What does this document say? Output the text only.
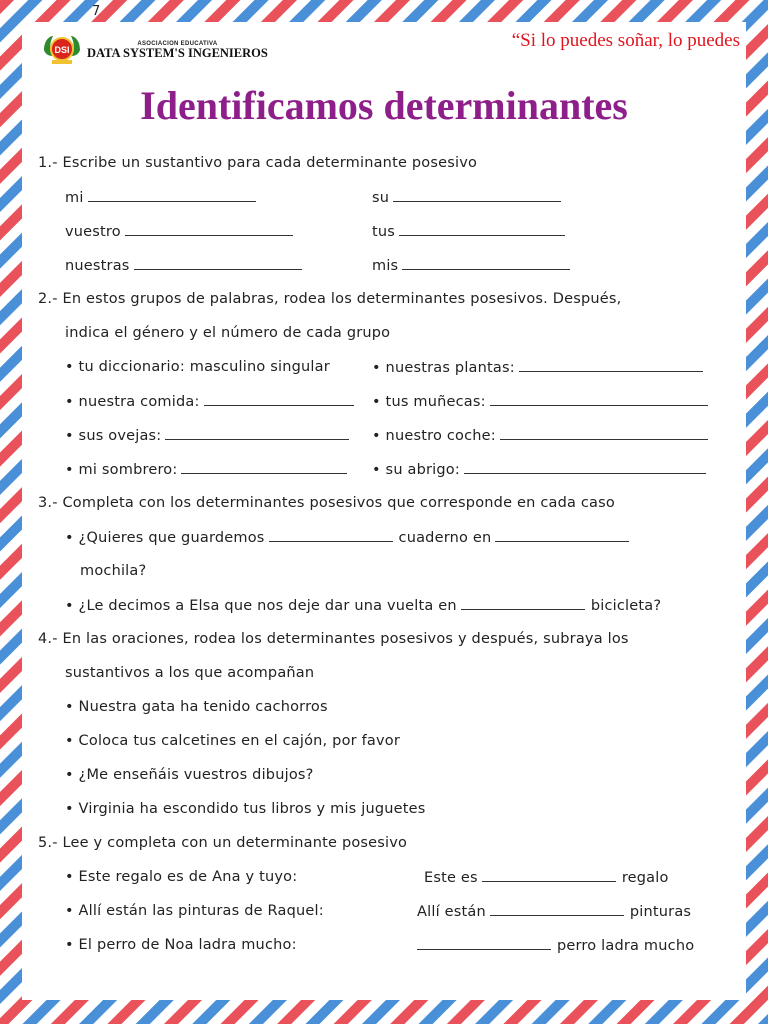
7
DSI
ASOCIACION EDUCATIVA
DATA SYSTEM'S INGENIEROS
“Si lo puedes soñar, lo puedes
Identificamos determinantes
1.- Escribe un sustantivo para cada determinante posesivo
mi	su
vuestro	tus
nuestras	mis
2.- En estos grupos de palabras, rodea los determinantes posesivos. Después,
indica el género y el número de cada grupo
• tu diccionario: masculino singular	• nuestras plantas:
• nuestra comida:	• tus muñecas:
• sus ovejas:	• nuestro coche:
• mi sombrero:	• su abrigo:
3.- Completa con los determinantes posesivos que corresponde en cada caso
• ¿Quieres que guardemos	cuaderno en
mochila?
• ¿Le decimos a Elsa que nos deje dar una vuelta en	bicicleta?
4.- En las oraciones, rodea los determinantes posesivos y después, subraya los
sustantivos a los que acompañan
• Nuestra gata ha tenido cachorros
• Coloca tus calcetines en el cajón, por favor
• ¿Me enseñáis vuestros dibujos?
• Virginia ha escondido tus libros y mis juguetes
5.- Lee y completa con un determinante posesivo
• Este regalo es de Ana y tuyo:	Este es	regalo
• Allí están las pinturas de Raquel:	Allí están	pinturas
• El perro de Noa ladra mucho:	perro ladra mucho
